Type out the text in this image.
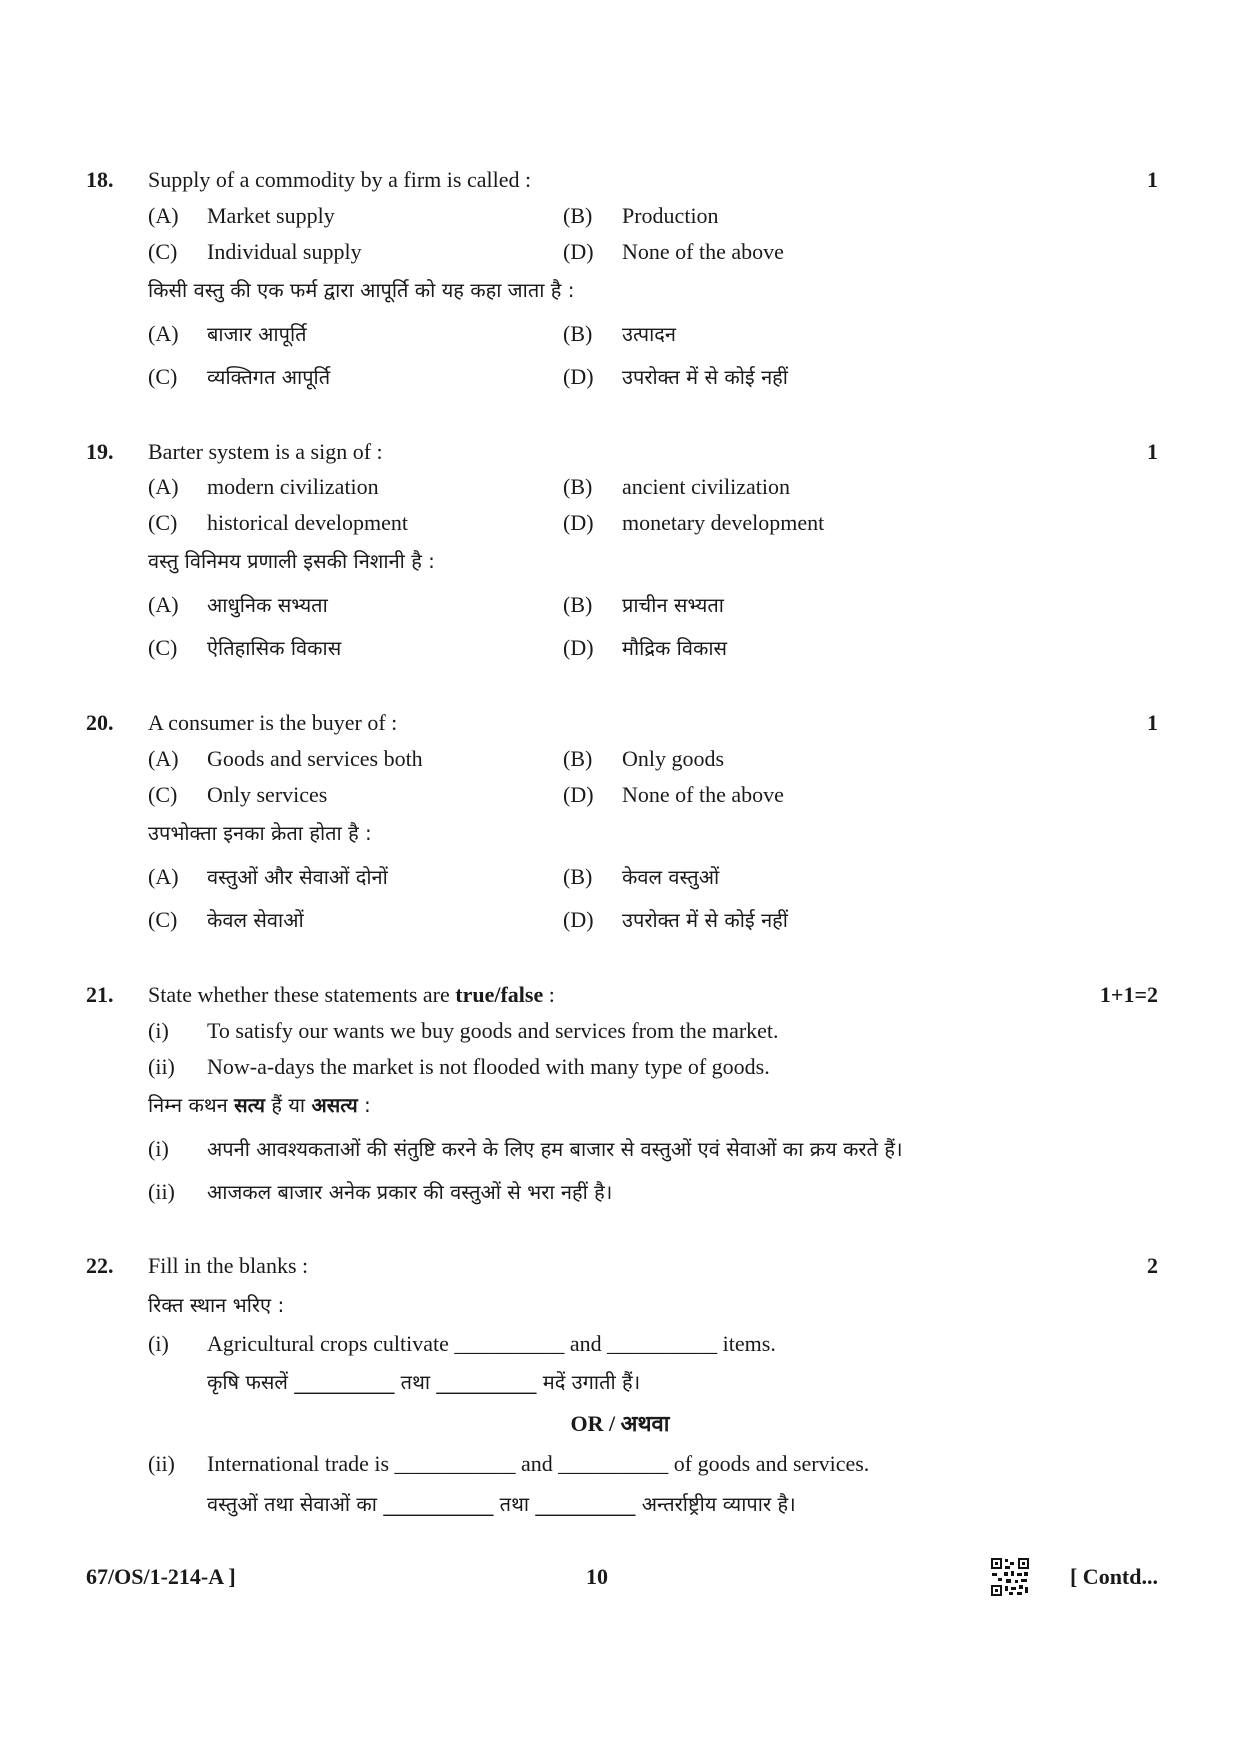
18. Supply of a commodity by a firm is called :	1
(A) Market supply	(B) Production
(C) Individual supply	(D) None of the above
किसी वस्तु की एक फर्म द्वारा आपूर्ति को यह कहा जाता है :
(A) बाजार आपूर्ति	(B) उत्पादन
(C) व्यक्तिगत आपूर्ति	(D) उपरोक्त में से कोई नहीं
19. Barter system is a sign of :	1
(A) modern civilization	(B) ancient civilization
(C) historical development	(D) monetary development
वस्तु विनिमय प्रणाली इसकी निशानी है :
(A) आधुनिक सभ्यता	(B) प्राचीन सभ्यता
(C) ऐतिहासिक विकास	(D) मौद्रिक विकास
20. A consumer is the buyer of :	1
(A) Goods and services both	(B) Only goods
(C) Only services	(D) None of the above
उपभोक्ता इनका क्रेता होता है :
(A) वस्तुओं और सेवाओं दोनों	(B) केवल वस्तुओं
(C) केवल सेवाओं	(D) उपरोक्त में से कोई नहीं
21. State whether these statements are true/false :	1+1=2
(i) To satisfy our wants we buy goods and services from the market.
(ii) Now-a-days the market is not flooded with many type of goods.
निम्न कथन सत्य हैं या असत्य :
(i) अपनी आवश्यकताओं की संतुष्टि करने के लिए हम बाजार से वस्तुओं एवं सेवाओं का क्रय करते हैं।
(ii) आजकल बाजार अनेक प्रकार की वस्तुओं से भरा नहीं है।
22. Fill in the blanks :	2
रिक्त स्थान भरिए :
(i) Agricultural crops cultivate __________ and __________ items.
कृषि फसलें __________ तथा __________ मदें उगाती हैं।
OR / अथवा
(ii) International trade is ___________ and __________ of goods and services.
वस्तुओं तथा सेवाओं का ___________ तथा __________ अन्तर्राष्ट्रीय व्यापार है।
67/OS/1-214-A ]	10	[ Contd...
